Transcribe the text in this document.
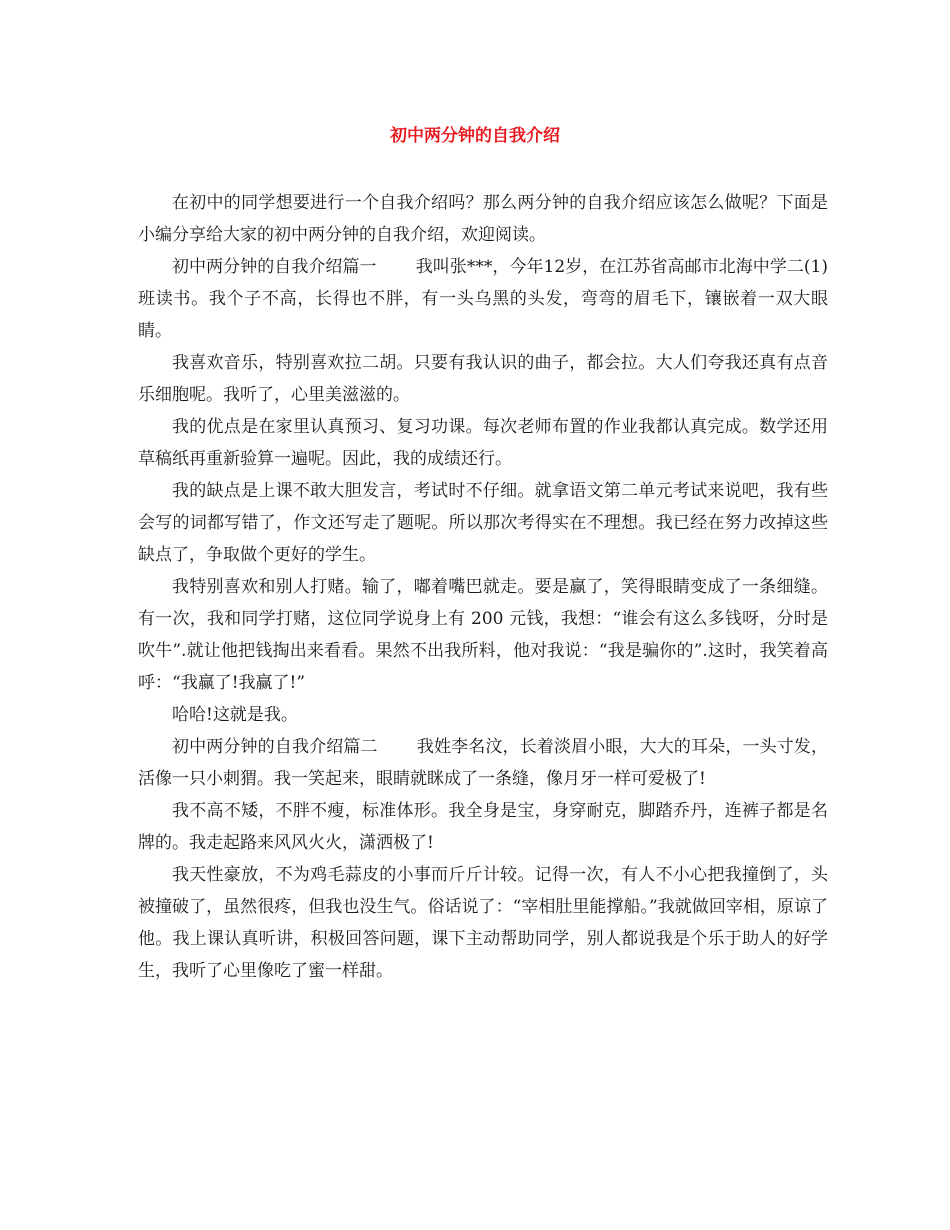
初中两分钟的自我介绍

在初中的同学想要进行一个自我介绍吗？那么两分钟的自我介绍应该怎么做呢？下面是小编分享给大家的初中两分钟的自我介绍，欢迎阅读。

初中两分钟的自我介绍篇一 我叫张***，今年12岁，在江苏省高邮市北海中学二(1)班读书。我个子不高，长得也不胖，有一头乌黑的头发，弯弯的眉毛下，镶嵌着一双大眼睛。

我喜欢音乐，特别喜欢拉二胡。只要有我认识的曲子，都会拉。大人们夸我还真有点音乐细胞呢。我听了，心里美滋滋的。

我的优点是在家里认真预习、复习功课。每次老师布置的作业我都认真完成。数学还用草稿纸再重新验算一遍呢。因此，我的成绩还行。

我的缺点是上课不敢大胆发言，考试时不仔细。就拿语文第二单元考试来说吧，我有些会写的词都写错了，作文还写走了题呢。所以那次考得实在不理想。我已经在努力改掉这些缺点了，争取做个更好的学生。

我特别喜欢和别人打赌。输了，嘟着嘴巴就走。要是赢了，笑得眼睛变成了一条细缝。有一次，我和同学打赌，这位同学说身上有 200 元钱，我想：“谁会有这么多钱呀，分时是吹牛”.就让他把钱掏出来看看。果然不出我所料，他对我说：“我是骗你的”.这时，我笑着高呼：“我赢了!我赢了!”

哈哈!这就是我。

初中两分钟的自我介绍篇二 我姓李名汶，长着淡眉小眼，大大的耳朵，一头寸发，活像一只小刺猬。我一笑起来，眼睛就眯成了一条缝，像月牙一样可爱极了!

我不高不矮，不胖不瘦，标准体形。我全身是宝，身穿耐克，脚踏乔丹，连裤子都是名牌的。我走起路来风风火火，潇洒极了!

我天性豪放，不为鸡毛蒜皮的小事而斤斤计较。记得一次，有人不小心把我撞倒了，头被撞破了，虽然很疼，但我也没生气。俗话说了：“宰相肚里能撑船。”我就做回宰相，原谅了他。我上课认真听讲，积极回答问题，课下主动帮助同学，别人都说我是个乐于助人的好学生，我听了心里像吃了蜜一样甜。
